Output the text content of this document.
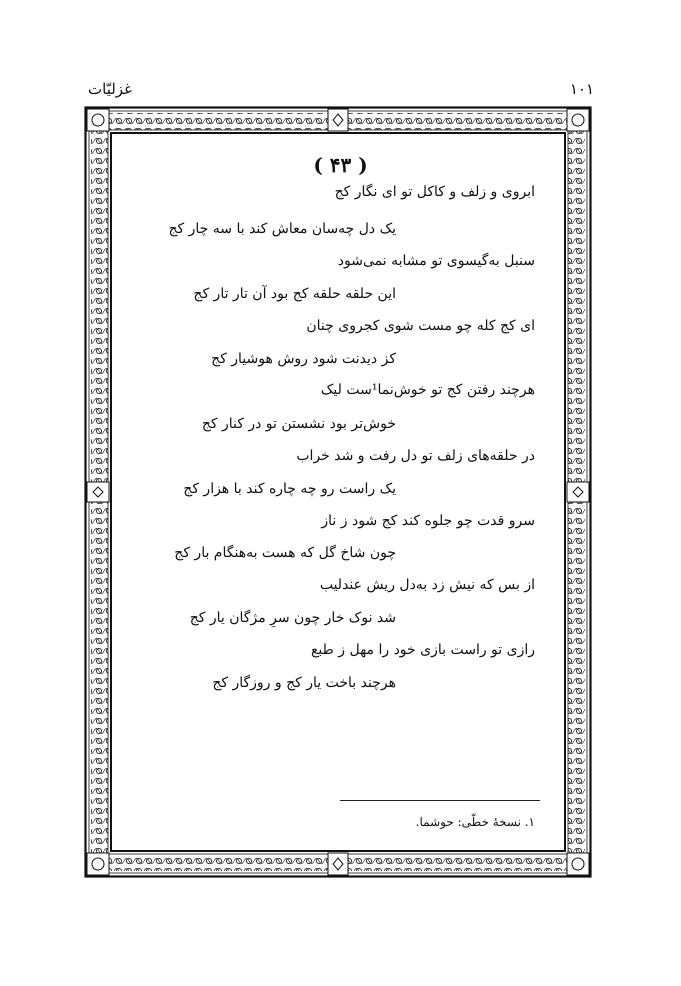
۱۰۱
غزلیّات
( ۴۳ )
ابروی و زلف و کاکل تو ای نگار کج
یک دل چه‌سان معاش کند با سه چار کج
سنبل به‌گیسوی تو مشابه نمی‌شود
این حلقه حلقه کج بود آن تار تار کج
ای کج کله چو مست شوی کجروی چنان
کز دیدنت شود روش هوشیار کج
هرچند رفتن کج تو خوش‌نما¹ست لیک
خوش‌تر بود نشستن تو در کنار کج
در حلقه‌های زلف تو دل رفت و شد خراب
یک راست رو چه چاره کند با هزار کج
سرو قدت چو جلوه کند کج شود ز ناز
چون شاخ گل که هست به‌هنگام بار کج
از بس که نیش زد به‌دل ریش عندلیب
شد نوک خار چون سرِ مژگان یار کج
رازی تو راست بازی خود را مهل ز طبع
هرچند باخت یار کج و روزگار کج
۱. نسخهٔ خطّی: حوشما.
